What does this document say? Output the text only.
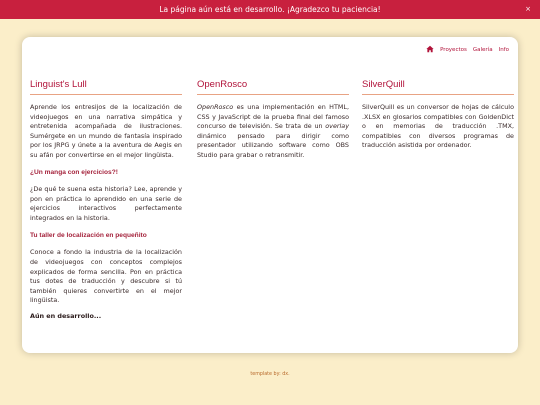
La página aún está en desarrollo. ¡Agradezco tu paciencia!	×
Proyectos Galería Info
Linguist's Lull

Aprende los entresijos de la localización de videojuegos en una narrativa simpática y entretenida acompañada de ilustraciones. Sumérgete en un mundo de fantasía inspirado por los JRPG y únete a la aventura de Aegis en su afán por convertirse en el mejor lingüista.

¿Un manga con ejercicios?!

¿De qué te suena esta historia? Lee, aprende y pon en práctica lo aprendido en una serie de ejercicios interactivos perfectamente integrados en la historia.

Tu taller de localización en pequeñito

Conoce a fondo la industria de la localización de videojuegos con conceptos complejos explicados de forma sencilla. Pon en práctica tus dotes de traducción y descubre si tú también quieres convertirte en el mejor lingüista.

Aún en desarrollo...

OpenRosco

OpenRosco es una implementación en HTML, CSS y JavaScript de la prueba final del famoso concurso de televisión. Se trata de un overlay dinámico pensado para dirigir como presentador utilizando software como OBS Studio para grabar o retransmitir.

SilverQuill

SilverQuill es un conversor de hojas de cálculo .XLSX en glosarios compatibles con GoldenDict o en memorias de traducción .TMX, compatibles con diversos programas de traducción asistida por ordenador.

template by: dx.
